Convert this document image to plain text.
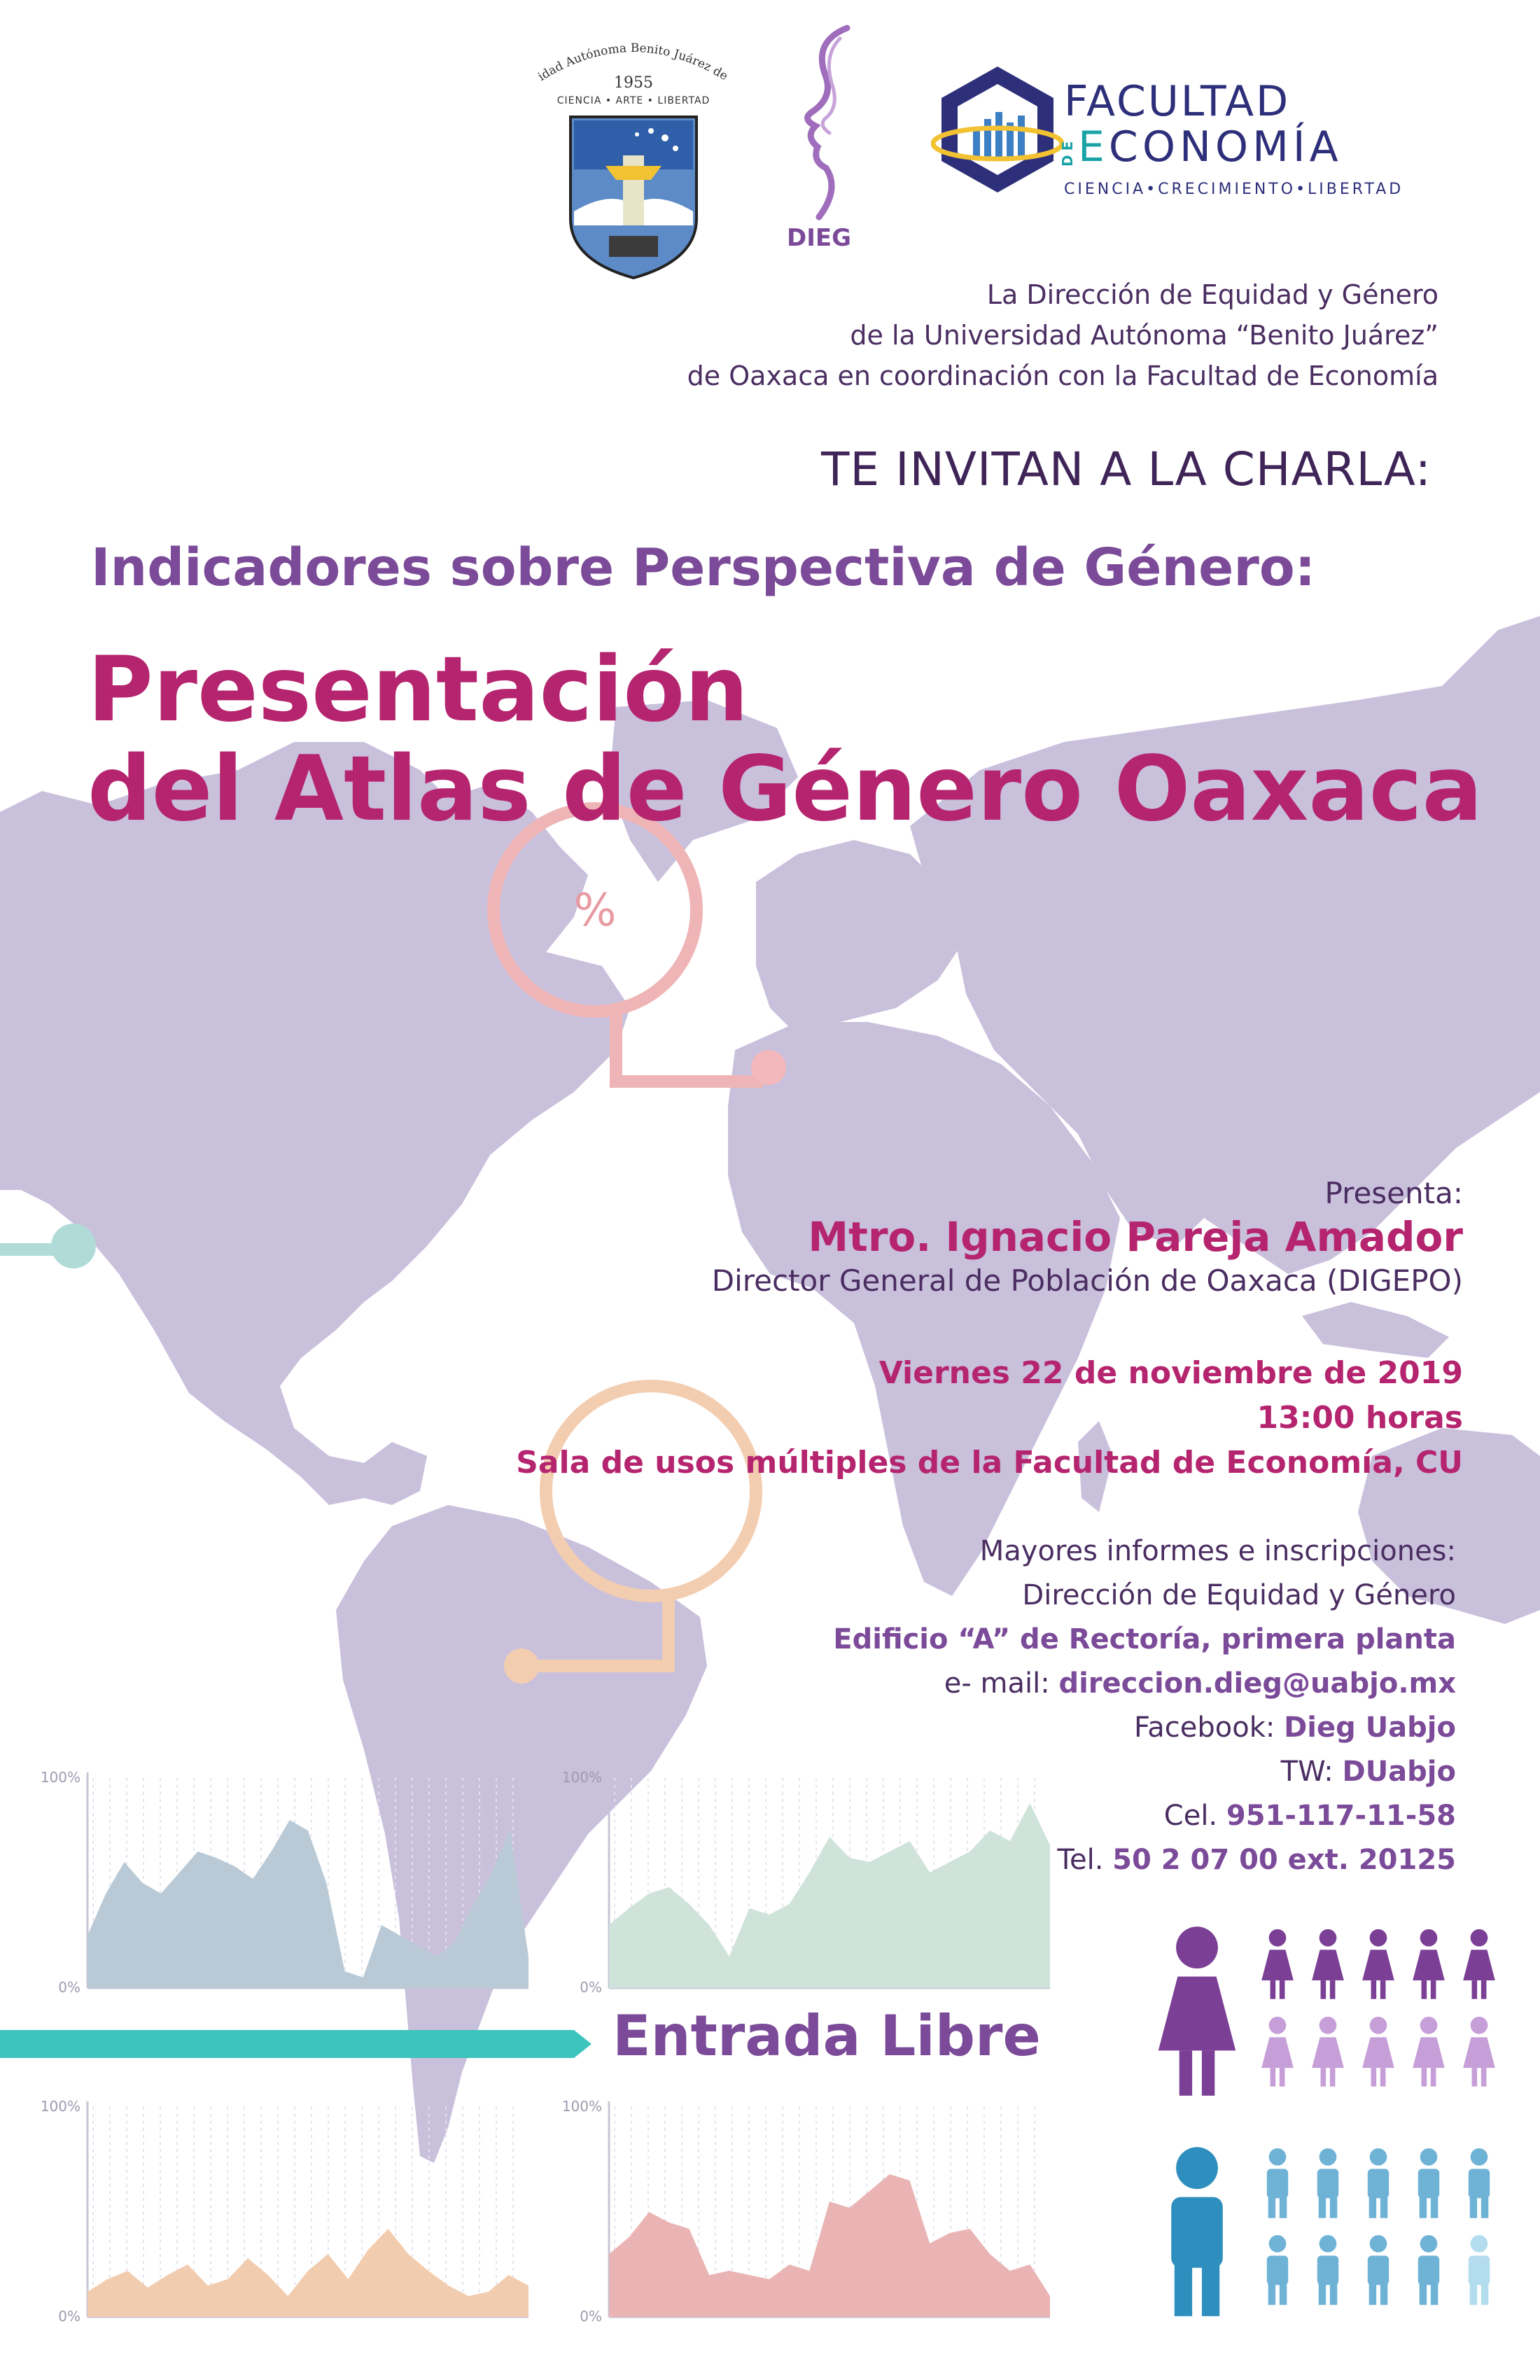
%
idad Autónoma Benito Juárez de
1955
CIENCIA • ARTE • LIBERTAD
DIEG
FACULTAD
DEECONOMÍA
CIENCIA•CRECIMIENTO•LIBERTAD
La Dirección de Equidad y Género
de la Universidad Autónoma “Benito Juárez”
de Oaxaca en coordinación con la Facultad de Economía
TE INVITAN A LA CHARLA:
Indicadores sobre Perspectiva de Género:
Presentación
del Atlas de Género Oaxaca
Presenta:
Mtro. Ignacio Pareja Amador
Director General de Población de Oaxaca (DIGEPO)
Viernes 22 de noviembre de 2019
13:00 horas
Sala de usos múltiples de la Facultad de Economía, CU
Mayores informes e inscripciones:
Dirección de Equidad y Género
Edificio “A” de Rectoría, primera planta
e- mail: direccion.dieg@uabjo.mx
Facebook: Dieg Uabjo
TW: DUabjo
Cel. 951-117-11-58
Tel. 50 2 07 00 ext. 20125
Entrada Libre
100%
0%
100%
0%
100%
0%
100%
0%
